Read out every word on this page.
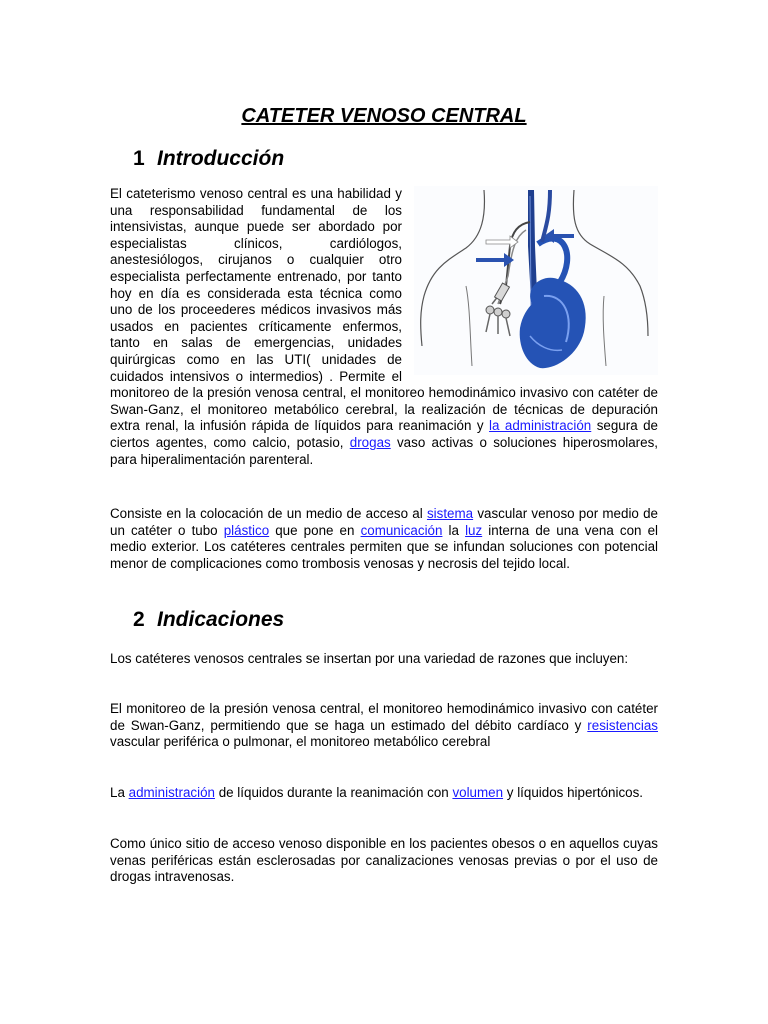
CATETER VENOSO CENTRAL
1 Introducción

El cateterismo venoso central es una habilidad y una responsabilidad fundamental de los intensivistas, aunque puede ser abordado por especialistas clínicos, cardiólogos, anestesiólogos, cirujanos o cualquier otro especialista perfectamente entrenado, por tanto hoy en día es considerada esta técnica como uno de los proceederes médicos invasivos más usados en pacientes críticamente enfermos, tanto en salas de emergencias, unidades quirúrgicas como en las UTI( unidades de cuidados intensivos o intermedios) . Permite el monitoreo de la presión venosa central, el monitoreo hemodinámico invasivo con catéter de Swan-Ganz, el monitoreo metabólico cerebral, la realización de técnicas de depuración extra renal, la infusión rápida de líquidos para reanimación y la administración segura de ciertos agentes, como calcio, potasio, drogas vaso activas o soluciones hiperosmolares, para hiperalimentación parenteral.

Consiste en la colocación de un medio de acceso al sistema vascular venoso por medio de un catéter o tubo plástico que pone en comunicación la luz interna de una vena con el medio exterior. Los catéteres centrales permiten que se infundan soluciones con potencial menor de complicaciones como trombosis venosas y necrosis del tejido local.

2 Indicaciones

Los catéteres venosos centrales se insertan por una variedad de razones que incluyen:

El monitoreo de la presión venosa central, el monitoreo hemodinámico invasivo con catéter de Swan-Ganz, permitiendo que se haga un estimado del débito cardíaco y resistencias vascular periférica o pulmonar, el monitoreo metabólico cerebral

La administración de líquidos durante la reanimación con volumen y líquidos hipertónicos.

Como único sitio de acceso venoso disponible en los pacientes obesos o en aquellos cuyas venas periféricas están esclerosadas por canalizaciones venosas previas o por el uso de drogas intravenosas.
